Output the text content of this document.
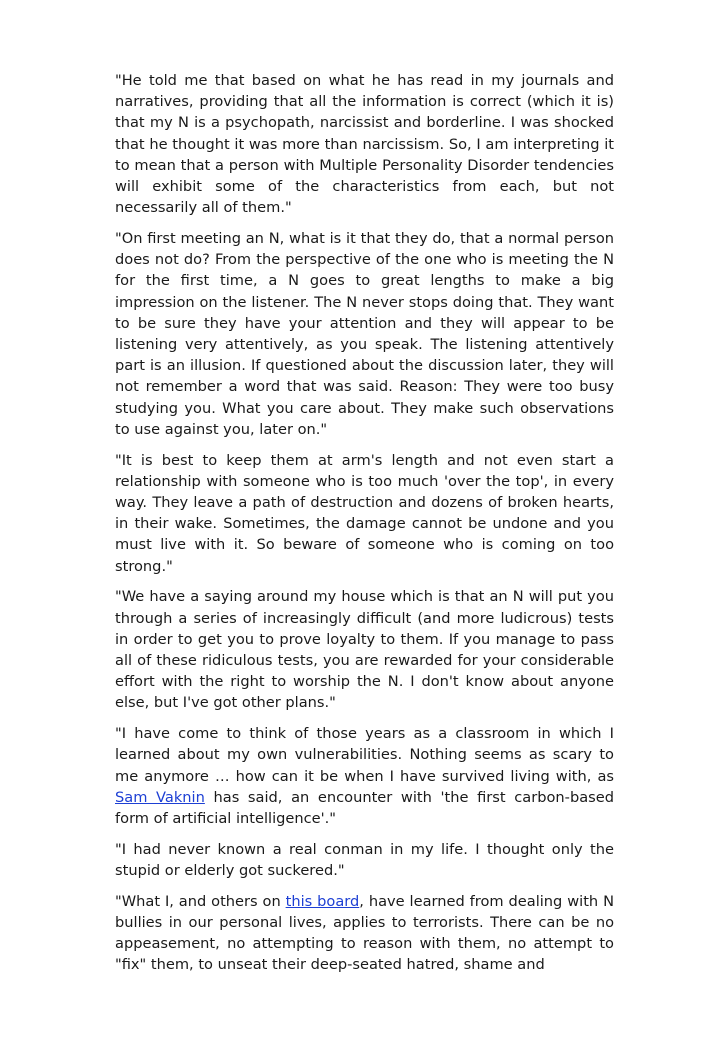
"He told me that based on what he has read in my journals and narratives, providing that all the information is correct (which it is) that my N is a psychopath, narcissist and borderline. I was shocked that he thought it was more than narcissism. So, I am interpreting it to mean that a person with Multiple Personality Disorder tendencies will exhibit some of the characteristics from each, but not necessarily all of them."

"On first meeting an N, what is it that they do, that a normal person does not do? From the perspective of the one who is meeting the N for the first time, a N goes to great lengths to make a big impression on the listener. The N never stops doing that. They want to be sure they have your attention and they will appear to be listening very attentively, as you speak. The listening attentively part is an illusion. If questioned about the discussion later, they will not remember a word that was said. Reason: They were too busy studying you. What you care about. They make such observations to use against you, later on."

"It is best to keep them at arm's length and not even start a relationship with someone who is too much 'over the top', in every way. They leave a path of destruction and dozens of broken hearts, in their wake. Sometimes, the damage cannot be undone and you must live with it. So beware of someone who is coming on too strong."

"We have a saying around my house which is that an N will put you through a series of increasingly difficult (and more ludicrous) tests in order to get you to prove loyalty to them. If you manage to pass all of these ridiculous tests, you are rewarded for your considerable effort with the right to worship the N. I don't know about anyone else, but I've got other plans."

"I have come to think of those years as a classroom in which I learned about my own vulnerabilities. Nothing seems as scary to me anymore … how can it be when I have survived living with, as Sam Vaknin has said, an encounter with 'the first carbon-based form of artificial intelligence'."

"I had never known a real conman in my life. I thought only the stupid or elderly got suckered."

"What I, and others on this board, have learned from dealing with N bullies in our personal lives, applies to terrorists. There can be no appeasement, no attempting to reason with them, no attempt to "fix" them, to unseat their deep-seated hatred, shame and
